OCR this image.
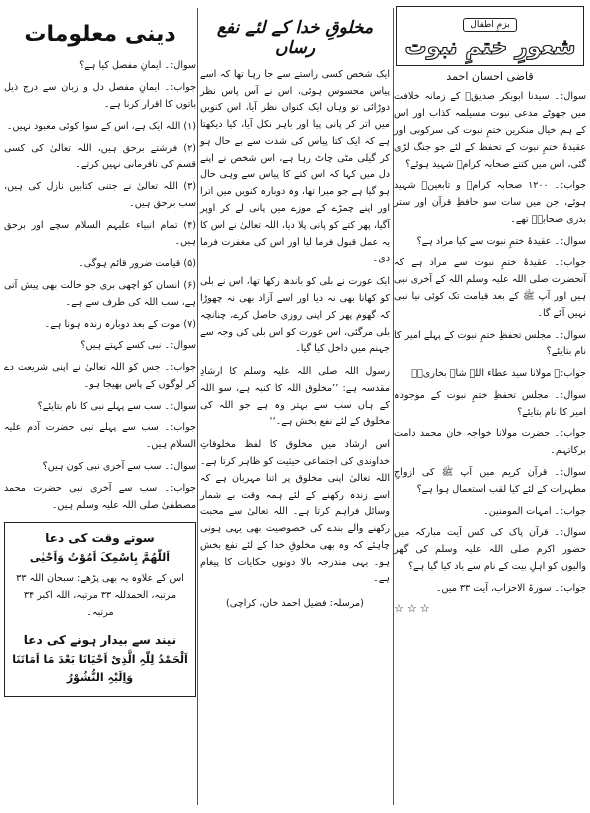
بزمِ اطفال
شعورِ ختمِ نبوت
قاضی احسان احمد

سوال:۔ سیدنا ابوبکر صدیقؓ کے زمانہ خلافت میں جھوٹے مدعی نبوت مسیلمہ کذاب اور اس کے ہم خیال منکرین ختمِ نبوت کی سرکوبی اور عقیدۂ ختمِ نبوت کے تحفظ کے لئے جو جنگ لڑی گئی، اس میں کتنے صحابہ کرامؓ شہید ہوئے؟

جواب:۔ ۱۲۰۰ صحابہ کرامؓ و تابعینؒ شہید ہوئے، جن میں سات سو حافظِ قرآن اور ستر بدری صحابہؓ تھے۔

سوال:۔ عقیدۂ ختمِ نبوت سے کیا مراد ہے؟

جواب:۔ عقیدۂ ختمِ نبوت سے مراد ہے کہ آنحضرت صلی اللہ علیہ وسلم اللہ کے آخری نبی ہیں اور آپ ﷺ کے بعد قیامت تک کوئی نیا نبی نہیں آئے گا۔

سوال:۔ مجلس تحفظِ ختمِ نبوت کے پہلے امیر کا نام بتایئے؟

جواب:۔ مولانا سید عطاء اللہ شاہ بخاریؒ۔

سوال:۔ مجلس تحفظِ ختمِ نبوت کے موجودہ امیر کا نام بتایئے؟

جواب:۔ حضرت مولانا خواجہ خان محمد دامت برکاتہم۔

سوال:۔ قرآن کریم میں آپ ﷺ کی ازواجِ مطہرات کے لئے کیا لقب استعمال ہوا ہے؟

جواب:۔ امہات المومنین۔

سوال:۔ قرآن پاک کی کس آیت مبارکہ میں حضور اکرم صلی اللہ علیہ وسلم کی گھر والیوں کو اہلِ بیت کے نام سے یاد کیا گیا ہے؟

جواب:۔ سورۃ الاحزاب، آیت ۳۳ میں۔

☆☆☆
مخلوقِ خدا کے لئے نفع رساں

ایک شخص کسی راستے سے جا رہا تھا کہ اسے پیاس محسوس ہوئی، اس نے آس پاس نظر دوڑائی تو وہاں ایک کنواں نظر آیا، اس کنویں میں اتر کر پانی پیا اور باہر نکل آیا، کیا دیکھتا ہے کہ ایک کتا پیاس کی شدت سے بے حال ہو کر گیلی مٹی چاٹ رہا ہے، اس شخص نے اپنے دل میں کہا کہ اس کتے کا پیاس سے وہی حال ہو گیا ہے جو میرا تھا، وہ دوبارہ کنویں میں اترا اور اپنے چمڑے کے موزے میں پانی لے کر اوپر آگیا، پھر کتے کو پانی پلا دیا، اللہ تعالیٰ نے اس کا یہ عمل قبول فرما لیا اور اس کی مغفرت فرما دی۔

ایک عورت نے بلی کو باندھ رکھا تھا، اس نے بلی کو کھانا بھی نہ دیا اور اسے آزاد بھی نہ چھوڑا کہ گھوم پھر کر اپنی روزی حاصل کرے، چنانچہ بلی مرگئی، اس عورت کو اس بلی کی وجہ سے جہنم میں داخل کیا گیا۔

رسول اللہ صلی اللہ علیہ وسلم کا ارشادِ مقدسہ ہے: ’’مخلوق اللہ کا کنبہ ہے، سو اللہ کے ہاں سب سے بہتر وہ ہے جو اللہ کی مخلوق کے لئے نفع بخش ہے۔‘‘

اس ارشاد میں مخلوق کا لفظ مخلوقاتِ خداوندی کی اجتماعی حیثیت کو ظاہر کرتا ہے۔ اللہ تعالیٰ اپنی مخلوق پر اتنا مہربان ہے کہ اسے زندہ رکھنے کے لئے ہمہ وقت بے شمار وسائل فراہم کرتا ہے۔ اللہ تعالیٰ سے محبت رکھنے والے بندے کی خصوصیت بھی یہی ہونی چاہئے کہ وہ بھی مخلوقِ خدا کے لئے نفع بخش ہو۔ یہی مندرجہ بالا دونوں حکایات کا پیغام ہے۔

(مرسلہ: فضیل احمد خان، کراچی)

دینی معلومات

سوال:۔ ایمانِ مفصل کیا ہے؟

جواب:۔ ایمانِ مفصل دل و زبان سے درج ذیل باتوں کا اقرار کرنا ہے۔

(۱) اللہ ایک ہے، اس کے سوا کوئی معبود نہیں۔

(۲) فرشتے برحق ہیں، اللہ تعالیٰ کی کسی قسم کی نافرمانی نہیں کرتے۔

(۳) اللہ تعالیٰ نے جتنی کتابیں نازل کی ہیں، سب برحق ہیں۔

(۴) تمام انبیاء علیہم السلام سچے اور برحق ہیں۔

(۵) قیامت ضرور قائم ہوگی۔

(۶) انسان کو اچھی بری جو حالت بھی پیش آتی ہے، سب اللہ کی طرف سے ہے۔

(۷) موت کے بعد دوبارہ زندہ ہونا ہے۔

سوال:۔ نبی کسے کہتے ہیں؟

جواب:۔ جس کو اللہ تعالیٰ نے اپنی شریعت دے کر لوگوں کے پاس بھیجا ہو۔

سوال:۔ سب سے پہلے نبی کا نام بتایئے؟

جواب:۔ سب سے پہلے نبی حضرت آدم علیہ السلام ہیں۔

سوال:۔ سب سے آخری نبی کون ہیں؟

جواب:۔ سب سے آخری نبی حضرت محمد مصطفیٰ صلی اللہ علیہ وسلم ہیں۔

سوتے وقت کی دعا
اَللّٰھُمَّ بِاسْمِکَ اَمُوْتُ وَاَحْیٰی

اس کے علاوہ یہ بھی پڑھے: سبحان اللہ ۳۳ مرتبہ، الحمدللہ ۳۳ مرتبہ، اللہ اکبر ۳۴ مرتبہ۔

نیند سے بیدار ہونے کی دعا
اَلْحَمْدُ لِلّٰہِ الَّذِیْ اَحْیَانَا بَعْدَ مَا اَمَاتَنَا وَاِلَیْہِ النُّشُوْرُ
